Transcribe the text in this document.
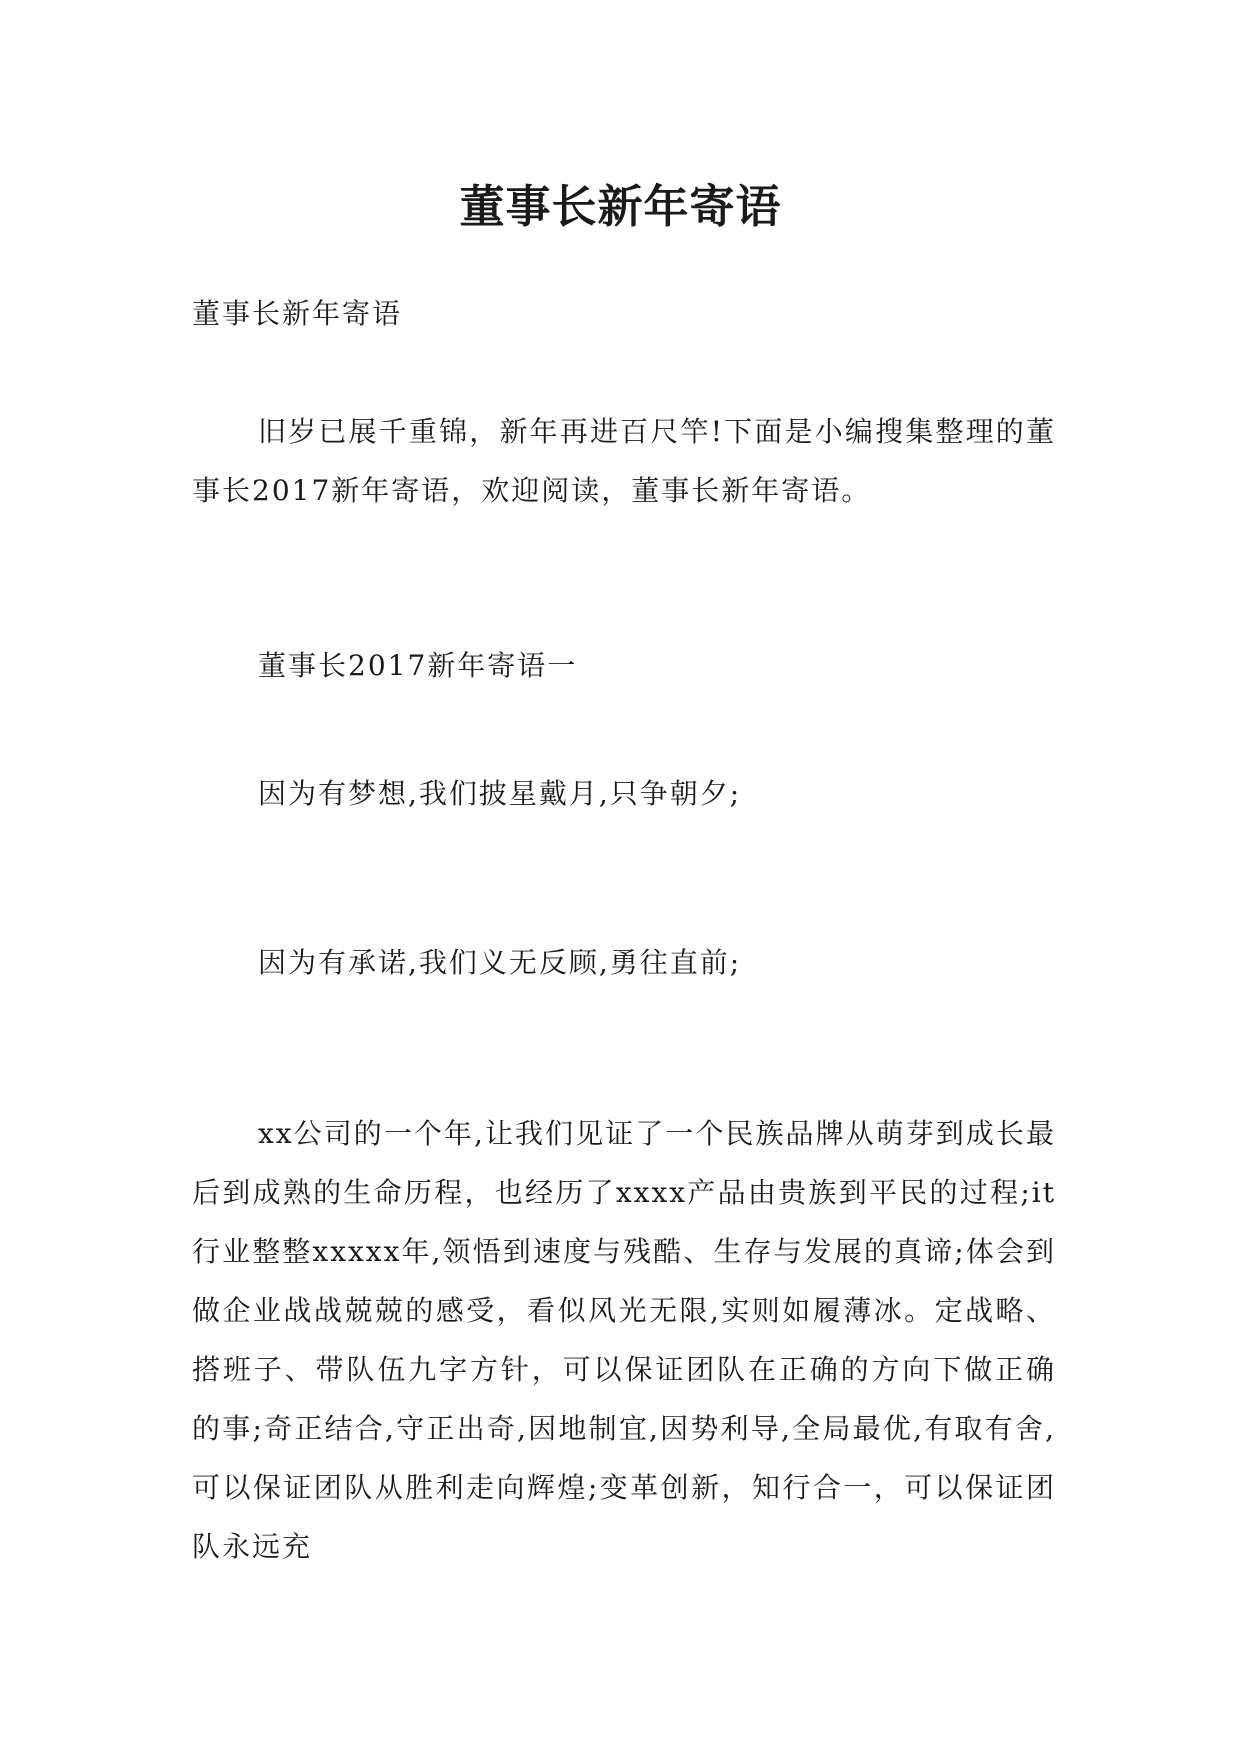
董事长新年寄语

董事长新年寄语

旧岁已展千重锦，新年再进百尺竿!下面是小编搜集整理的董事长2017新年寄语，欢迎阅读，董事长新年寄语。

董事长2017新年寄语一

因为有梦想,我们披星戴月,只争朝夕;

因为有承诺,我们义无反顾,勇往直前;

xx公司的一个年,让我们见证了一个民族品牌从萌芽到成长最后到成熟的生命历程，也经历了xxxx产品由贵族到平民的过程;it行业整整xxxxx年,领悟到速度与残酷、生存与发展的真谛;体会到做企业战战兢兢的感受，看似风光无限,实则如履薄冰。定战略、搭班子、带队伍九字方针，可以保证团队在正确的方向下做正确的事;奇正结合,守正出奇,因地制宜,因势利导,全局最优,有取有舍,可以保证团队从胜利走向辉煌;变革创新，知行合一，可以保证团队永远充
